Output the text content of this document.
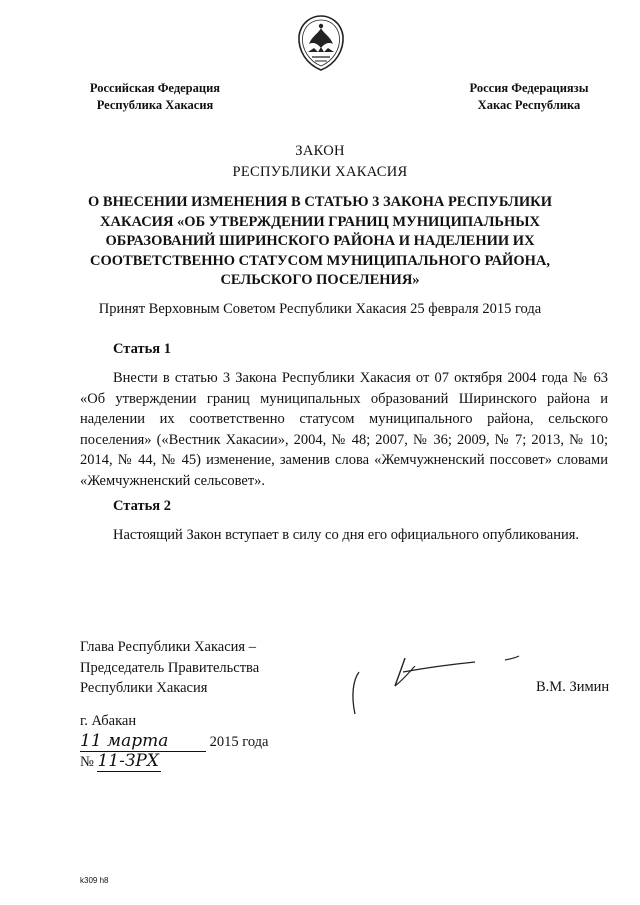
Российская Федерация
Республика Хакасия
Россия Федерациязы
Хакас Республика
ЗАКОН
РЕСПУБЛИКИ ХАКАСИЯ
О ВНЕСЕНИИ ИЗМЕНЕНИЯ В СТАТЬЮ 3 ЗАКОНА РЕСПУБЛИКИ ХАКАСИЯ «ОБ УТВЕРЖДЕНИИ ГРАНИЦ МУНИЦИПАЛЬНЫХ ОБРАЗОВАНИЙ ШИРИНСКОГО РАЙОНА И НАДЕЛЕНИИ ИХ СООТВЕТСТВЕННО СТАТУСОМ МУНИЦИПАЛЬНОГО РАЙОНА, СЕЛЬСКОГО ПОСЕЛЕНИЯ»
Принят Верховным Советом Республики Хакасия 25 февраля 2015 года
Статья 1
Внести в статью 3 Закона Республики Хакасия от 07 октября 2004 года № 63 «Об утверждении границ муниципальных образований Ширинского района и наделении их соответственно статусом муниципального района, сельского поселения» («Вестник Хакасии», 2004, № 48; 2007, № 36; 2009, № 7; 2013, № 10; 2014, № 44, № 45) изменение, заменив слова «Жемчужненский поссовет» словами «Жемчужненский сельсовет».
Статья 2
Настоящий Закон вступает в силу со дня его официального опубликования.
Глава Республики Хакасия –
Председатель Правительства
Республики Хакасия	В.М. Зимин
г. Абакан
11 марта	2015 года
№ 11-ЗРХ
k309 h8
